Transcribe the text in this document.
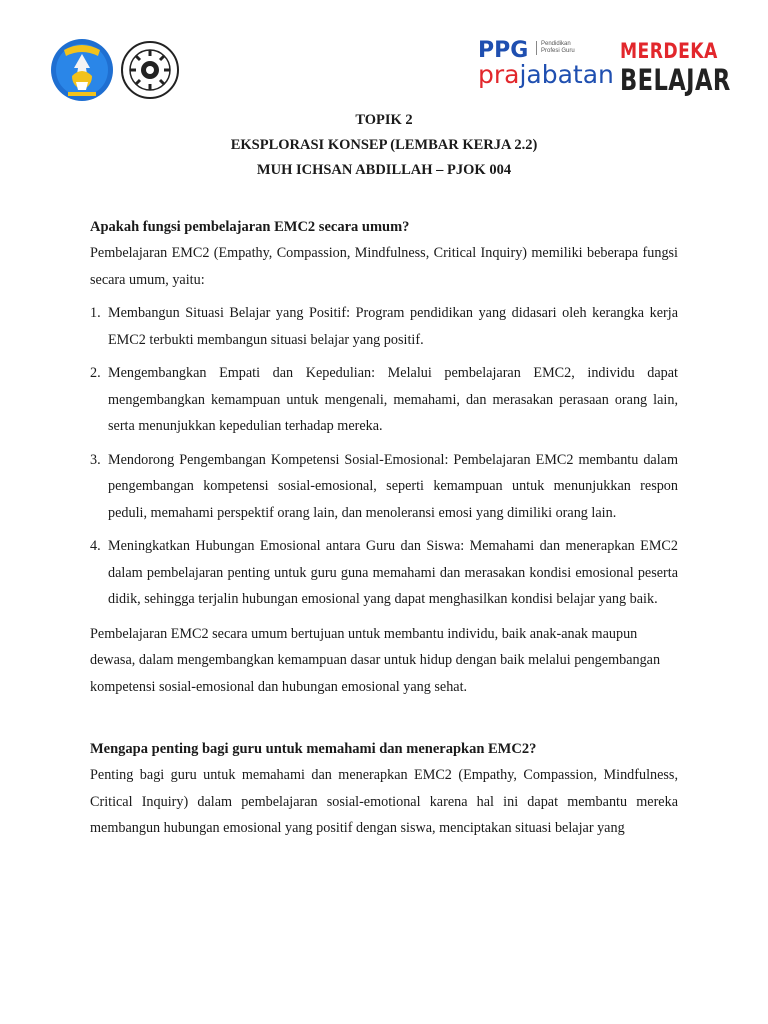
PPG	Pendidikan Profesi Guru
prajabatan
MERDEKA
BELAJAR
TOPIK 2
EKSPLORASI KONSEP (LEMBAR KERJA 2.2)
MUH ICHSAN ABDILLAH – PJOK 004

Apakah fungsi pembelajaran EMC2 secara umum?

Pembelajaran EMC2 (Empathy, Compassion, Mindfulness, Critical Inquiry) memiliki beberapa fungsi secara umum, yaitu:

1. Membangun Situasi Belajar yang Positif: Program pendidikan yang didasari oleh kerangka kerja EMC2 terbukti membangun situasi belajar yang positif.
2. Mengembangkan Empati dan Kepedulian: Melalui pembelajaran EMC2, individu dapat mengembangkan kemampuan untuk mengenali, memahami, dan merasakan perasaan orang lain, serta menunjukkan kepedulian terhadap mereka.
3. Mendorong Pengembangan Kompetensi Sosial-Emosional: Pembelajaran EMC2 membantu dalam pengembangan kompetensi sosial-emosional, seperti kemampuan untuk menunjukkan respon peduli, memahami perspektif orang lain, dan menoleransi emosi yang dimiliki orang lain.
4. Meningkatkan Hubungan Emosional antara Guru dan Siswa: Memahami dan menerapkan EMC2 dalam pembelajaran penting untuk guru guna memahami dan merasakan kondisi emosional peserta didik, sehingga terjalin hubungan emosional yang dapat menghasilkan kondisi belajar yang baik.

Pembelajaran EMC2 secara umum bertujuan untuk membantu individu, baik anak-anak maupun dewasa, dalam mengembangkan kemampuan dasar untuk hidup dengan baik melalui pengembangan kompetensi sosial-emosional dan hubungan emosional yang sehat.

Mengapa penting bagi guru untuk memahami dan menerapkan EMC2?

Penting bagi guru untuk memahami dan menerapkan EMC2 (Empathy, Compassion, Mindfulness, Critical Inquiry) dalam pembelajaran sosial-emotional karena hal ini dapat membantu mereka membangun hubungan emosional yang positif dengan siswa, menciptakan situasi belajar yang
